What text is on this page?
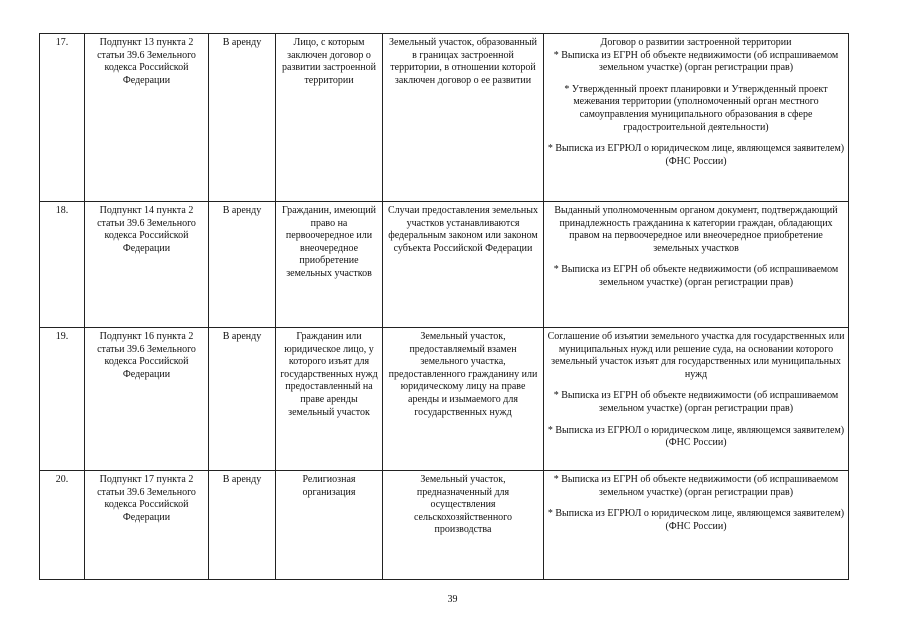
17.	Подпункт 13 пункта 2 статьи 39.6 Земельного кодекса Российской Федерации	В аренду	Лицо, с которым заключен договор о развитии застроенной территории	Земельный участок, образованный в границах застроенной территории, в отношении которой заключен договор о ее развитии	Договор о развитии застроенной территории
* Выписка из ЕГРН об объекте недвижимости (об испрашиваемом земельном участке) (орган регистрации прав)

* Утвержденный проект планировки и Утвержденный проект межевания территории (уполномоченный орган местного самоуправления муниципального образования в сфере градостроительной деятельности)

* Выписка из ЕГРЮЛ о юридическом лице, являющемся заявителем) (ФНС России)

18.	Подпункт 14 пункта 2 статьи 39.6 Земельного кодекса Российской Федерации	В аренду	Гражданин, имеющий право на первоочередное или внеочередное приобретение земельных участков	Случаи предоставления земельных участков устанавливаются федеральным законом или законом субъекта Российской Федерации	Выданный уполномоченным органом документ, подтверждающий принадлежность гражданина к категории граждан, обладающих правом на первоочередное или внеочередное приобретение земельных участков

* Выписка из ЕГРН об объекте недвижимости (об испрашиваемом земельном участке) (орган регистрации прав)

19.	Подпункт 16 пункта 2 статьи 39.6 Земельного кодекса Российской Федерации	В аренду	Гражданин или юридическое лицо, у которого изъят для государственных нужд предоставленный на праве аренды земельный участок	Земельный участок, предоставляемый взамен земельного участка, предоставленного гражданину или юридическому лицу на праве аренды и изымаемого для государственных нужд	Соглашение об изъятии земельного участка для государственных или муниципальных нужд или решение суда, на основании которого земельный участок изъят для государственных или муниципальных нужд

* Выписка из ЕГРН об объекте недвижимости (об испрашиваемом земельном участке) (орган регистрации прав)

* Выписка из ЕГРЮЛ о юридическом лице, являющемся заявителем) (ФНС России)

20.	Подпункт 17 пункта 2 статьи 39.6 Земельного кодекса Российской Федерации	В аренду	Религиозная организация	Земельный участок, предназначенный для осуществления сельскохозяйственного производства	* Выписка из ЕГРН об объекте недвижимости (об испрашиваемом земельном участке) (орган регистрации прав)

* Выписка из ЕГРЮЛ о юридическом лице, являющемся заявителем) (ФНС России)

39
